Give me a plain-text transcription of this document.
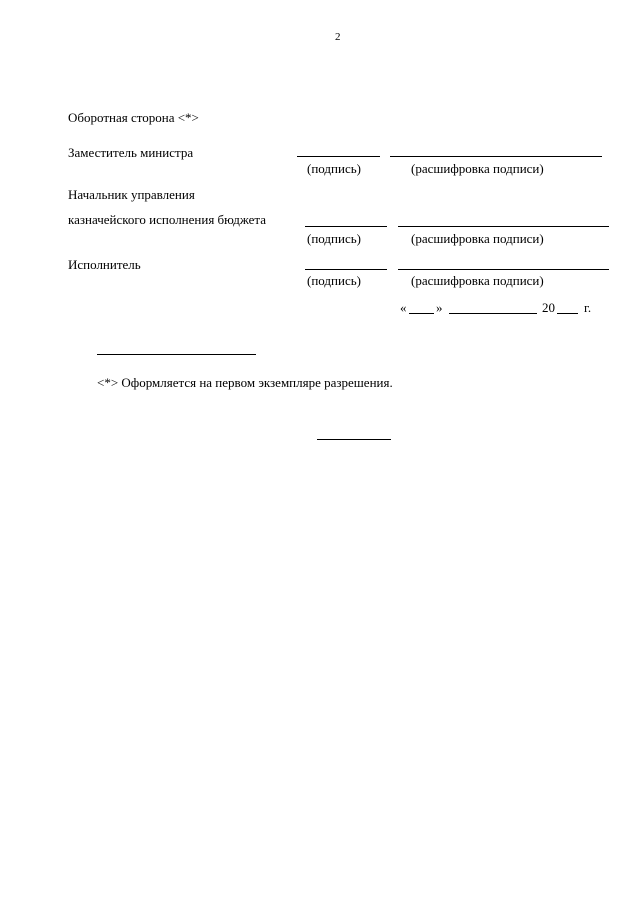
2
Оборотная сторона <*>
Заместитель министра
(подпись)	(расшифровка подписи)
Начальник управления
казначейского исполнения бюджета
(подпись)	(расшифровка подписи)
Исполнитель
(подпись)	(расшифровка подписи)
« »	20 г.
<*> Оформляется на первом экземпляре разрешения.
